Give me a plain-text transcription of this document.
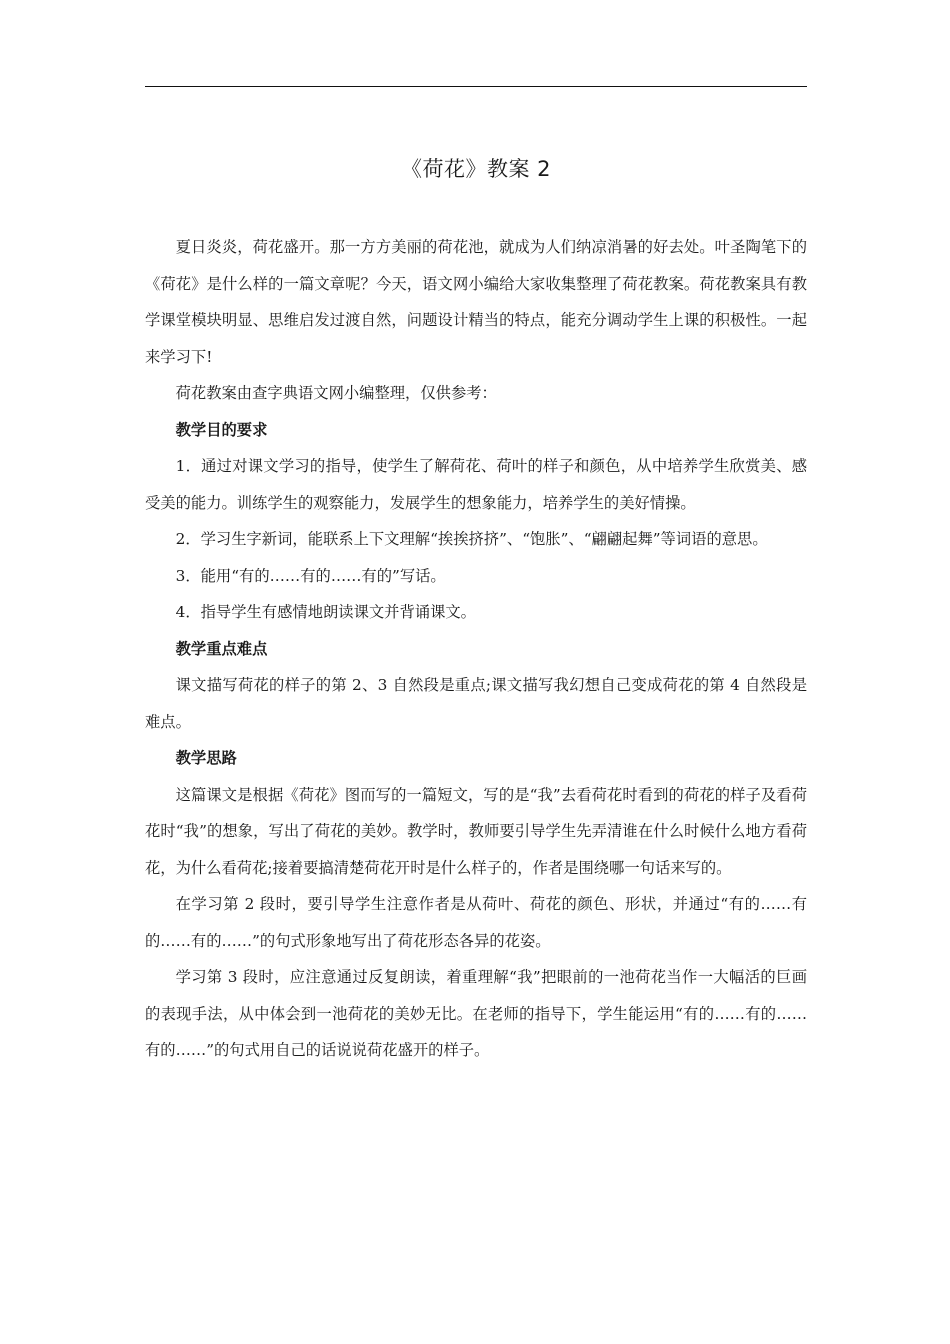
《荷花》教案 2

夏日炎炎，荷花盛开。那一方方美丽的荷花池，就成为人们纳凉消暑的好去处。叶圣陶笔下的《荷花》是什么样的一篇文章呢？今天，语文网小编给大家收集整理了荷花教案。荷花教案具有教学课堂模块明显、思维启发过渡自然，问题设计精当的特点，能充分调动学生上课的积极性。一起来学习下!

荷花教案由查字典语文网小编整理，仅供参考：

教学目的要求

1．通过对课文学习的指导，使学生了解荷花、荷叶的样子和颜色，从中培养学生欣赏美、感受美的能力。训练学生的观察能力，发展学生的想象能力，培养学生的美好情操。

2．学习生字新词，能联系上下文理解“挨挨挤挤”、“饱胀”、“翩翩起舞”等词语的意思。

3．能用“有的……有的……有的”写话。

4．指导学生有感情地朗读课文并背诵课文。

教学重点难点

课文描写荷花的样子的第 2、3 自然段是重点;课文描写我幻想自己变成荷花的第 4 自然段是难点。

教学思路

这篇课文是根据《荷花》图而写的一篇短文，写的是“我”去看荷花时看到的荷花的样子及看荷花时“我”的想象，写出了荷花的美妙。教学时，教师要引导学生先弄清谁在什么时候什么地方看荷花，为什么看荷花;接着要搞清楚荷花开时是什么样子的，作者是围绕哪一句话来写的。

在学习第 2 段时，要引导学生注意作者是从荷叶、荷花的颜色、形状，并通过“有的……有的……有的……”的句式形象地写出了荷花形态各异的花姿。

学习第 3 段时，应注意通过反复朗读，着重理解“我”把眼前的一池荷花当作一大幅活的巨画的表现手法，从中体会到一池荷花的美妙无比。在老师的指导下，学生能运用“有的……有的……有的……”的句式用自己的话说说荷花盛开的样子。
